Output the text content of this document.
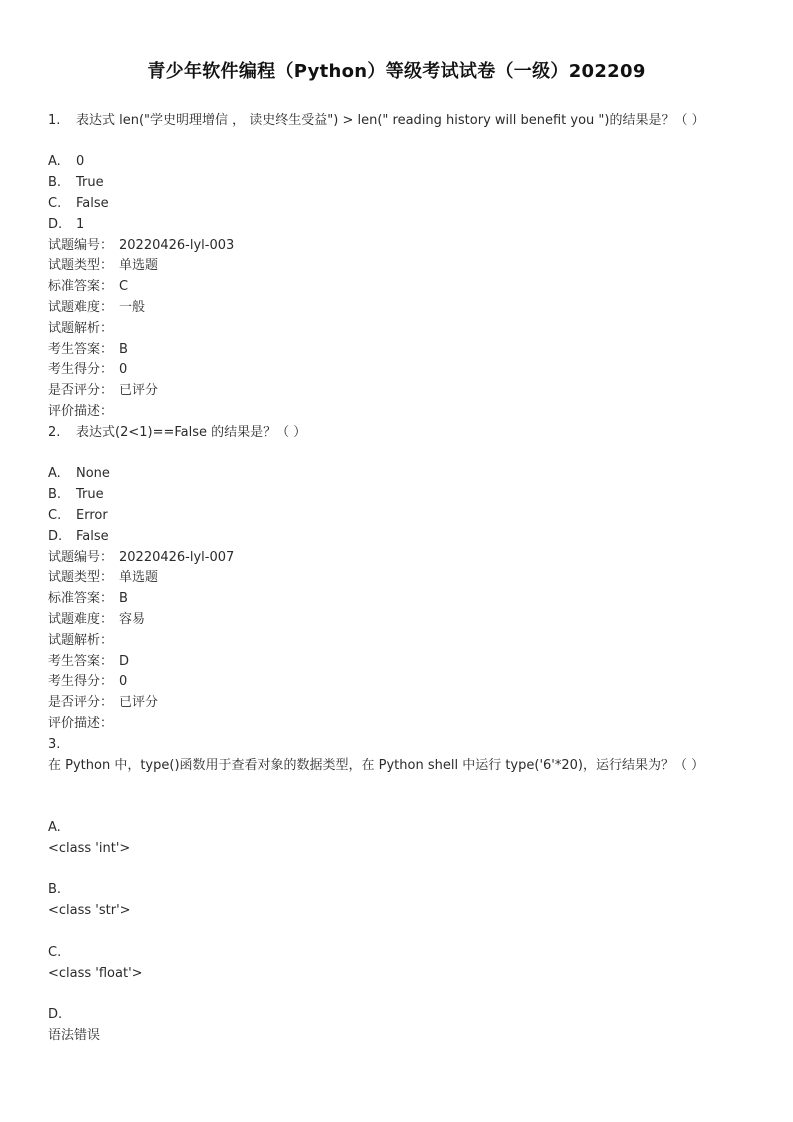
青少年软件编程（Python）等级考试试卷（一级）202209
1. 表达式 len("学史明理增信 ， 读史终生受益") > len(" reading history will benefit you ")的结果是？（ ）
A. 0
B. True
C. False
D. 1
试题编号： 20220426-lyl-003
试题类型： 单选题
标准答案： C
试题难度： 一般
试题解析：
考生答案： B
考生得分： 0
是否评分： 已评分
评价描述：
2. 表达式(2<1)==False 的结果是？（ ）
A. None
B. True
C. Error
D. False
试题编号： 20220426-lyl-007
试题类型： 单选题
标准答案： B
试题难度： 容易
试题解析：
考生答案： D
考生得分： 0
是否评分： 已评分
评价描述：
3.
在 Python 中，type()函数用于查看对象的数据类型，在 Python shell 中运行 type('6'*20)，运行结果为？（ ）
A.
<class 'int'>
B.
<class 'str'>
C.
<class 'float'>
D.
语法错误
